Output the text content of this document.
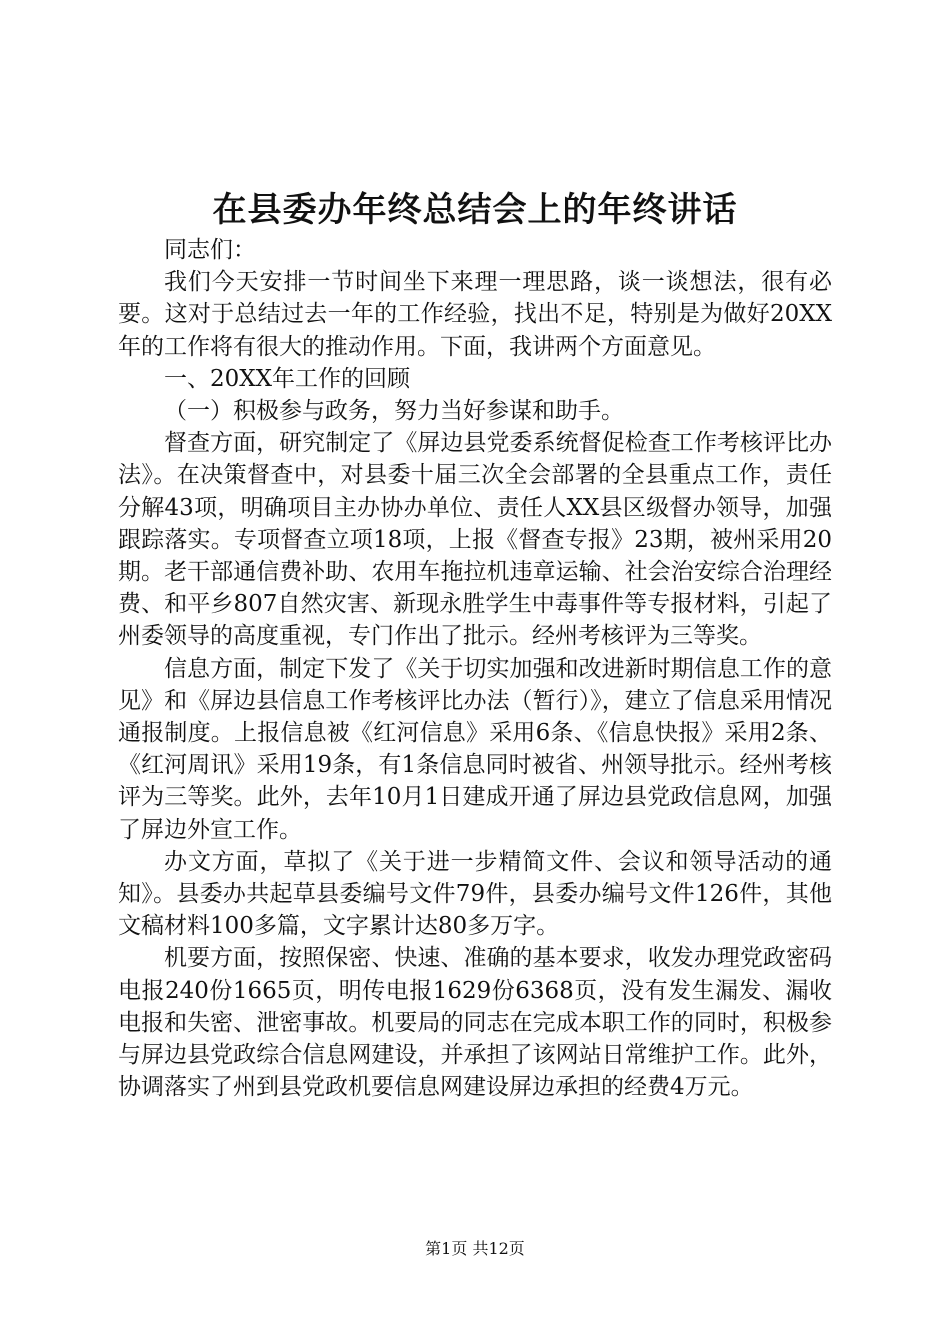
在县委办年终总结会上的年终讲话

同志们：

我们今天安排一节时间坐下来理一理思路，谈一谈想法，很有必要。这对于总结过去一年的工作经验，找出不足，特别是为做好20XX年的工作将有很大的推动作用。下面，我讲两个方面意见。

一、20XX年工作的回顾

（一）积极参与政务，努力当好参谋和助手。

督查方面，研究制定了《屏边县党委系统督促检查工作考核评比办法》。在决策督查中，对县委十届三次全会部署的全县重点工作，责任分解43项，明确项目主办协办单位、责任人XX县区级督办领导，加强跟踪落实。专项督查立项18项，上报《督查专报》23期，被州采用20期。老干部通信费补助、农用车拖拉机违章运输、社会治安综合治理经费、和平乡807自然灾害、新现永胜学生中毒事件等专报材料，引起了州委领导的高度重视，专门作出了批示。经州考核评为三等奖。

信息方面，制定下发了《关于切实加强和改进新时期信息工作的意见》和《屏边县信息工作考核评比办法（暂行）》，建立了信息采用情况通报制度。上报信息被《红河信息》采用6条、《信息快报》采用2条、《红河周讯》采用19条，有1条信息同时被省、州领导批示。经州考核评为三等奖。此外，去年10月1日建成开通了屏边县党政信息网，加强了屏边外宣工作。

办文方面，草拟了《关于进一步精简文件、会议和领导活动的通知》。县委办共起草县委编号文件79件，县委办编号文件126件，其他文稿材料100多篇，文字累计达80多万字。

机要方面，按照保密、快速、准确的基本要求，收发办理党政密码电报240份1665页，明传电报1629份6368页，没有发生漏发、漏收电报和失密、泄密事故。机要局的同志在完成本职工作的同时，积极参与屏边县党政综合信息网建设，并承担了该网站日常维护工作。此外，协调落实了州到县党政机要信息网建设屏边承担的经费4万元。

第1页 共12页
